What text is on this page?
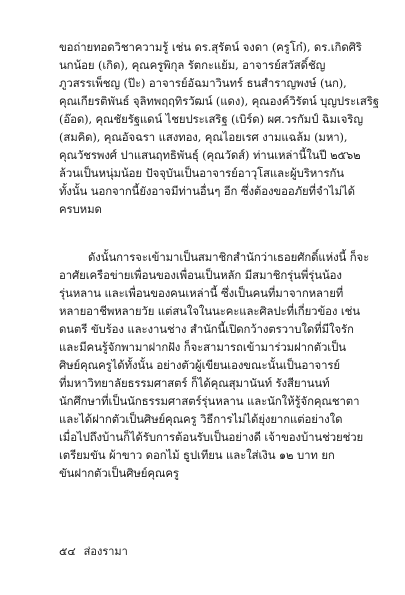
ขอถ่ายทอดวิชาความรู้ เช่น ดร.สุรัตน์ จงดา (ครูโก๋), ดร.เกิดศิริ
นกน้อย (เกิด), คุณครูพิกุล รัตกะแย้ม, อาจารย์สวัสดิ์ชัญ
ภูวสรรเพ็ชญ (ป๊ะ) อาจารย์อัฉมาวินทร์ ธนสำราญพงษ์ (นก),
คุณเกียรติพันธ์ จุลิทพฤฤทิรวัฒน์ (แดง), คุณองค์วิรัตน์ บุญประเสริฐ
(อ๊อด), คุณชัยรัฐแดน์ ไชยประเสริฐ (เบิร์ด) ผศ.วรกัมป์ ฉิมเจริญ
(สมคิด), คุณอัจฉรา แสงทอง, คุณไอยเรศ งามแฉล้ม (มหา),
คุณวัชรพงศ์ ปาแสนฤทธิพันธุ์ (คุณวัดส์) ท่านเหล่านี้ในปี ๒๕๖๒
ล้วนเป็นหนุ่มน้อย ปัจจุบันเป็นอาจารย์อาวุโสและผู้บริหารกัน
ทั้งนั้น นอกจากนี้ยังอาจมีท่านอื่นๆ อีก ซึ่งต้องขออภัยที่จำไม่ได้
ครบหมด
ดังนั้นการจะเข้ามาเป็นสมาชิกสำนักว่าเธอยศักดิ์แห่งนี้ ก็จะ
อาศัยเครือข่ายเพื่อนของเพื่อนเป็นหลัก มีสมาชิกรุ่นพี่รุ่นน้อง
รุ่นหลาน และเพื่อนของคนเหล่านี้ ซึ่งเป็นคนที่มาจากหลายที่
หลายอาชีพหลายวัย แต่สนใจในนะคะและศิลปะที่เกี่ยวข้อง เช่น
ดนตรี ขับร้อง และงานช่าง สำนักนี้เปิดกว้างตรวาบใดที่มีใจรัก
และมีคนรู้จักพามาฝากฝัง ก็จะสามารถเข้ามาร่วมฝากตัวเป็น
ศิษย์คุณครูได้ทั้งนั้น อย่างตัวผู้เขียนเองขณะนั้นเป็นอาจารย์
ที่มหาวิทยาลัยธรรมศาสตร์ ก็ได้คุณสุมานันท์ รังสียานนท์
นักศึกษาที่เป็นนักธรรมศาสตร์รุ่นหลาน และนักให้รู้จักคุณชาตา
และได้ฝากตัวเป็นศิษย์คุณครู วิธีการไม่ได้ยุ่งยากแต่อย่างใด
เมื่อไปถึงบ้านก็ได้รับการต้อนรับเป็นอย่างดี เจ้าของบ้านช่วยช่วย
เตรียมขัน ผ้าขาว ดอกไม้ ธูปเทียน และใส่เงิน ๑๒ บาท ยก
ขันฝากตัวเป็นศิษย์คุณครู
๕๔ ส่องรามา
